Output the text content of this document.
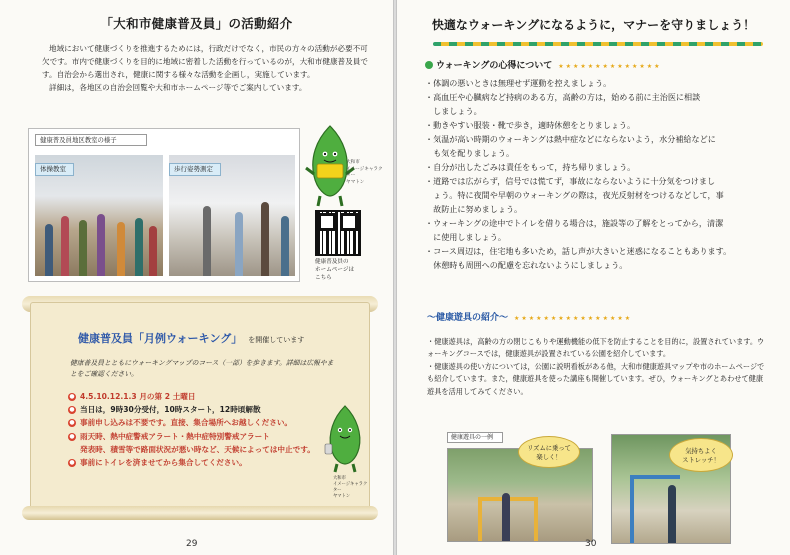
「大和市健康普及員」の活動紹介

地域において健康づくりを推進するためには，行政だけでなく，市民の方々の活動が必要不可欠です。市内で健康づくりを目的に地域に密着した活動を行っているのが，大和市健康普及員です。自治会から選出され，健康に関する様々な活動を企画し，実施しています。

詳細は，各地区の自治会回覧や大和市ホームページ等でご案内しています。

健康普及員地区教室の様子
体操教室	歩行姿勢測定
大和市
イメージキャラクター
ヤマトン
健康普及員の
ホームページは
こちら
健康普及員「月例ウォーキング」 を開催しています
健康普及員とともにウォーキングマップのコース（一部）を歩きます。詳細は広報やまとをご確認ください。
● 4.5.10.12.1.3 月の第 2 土曜日
● 当日は，9時30分受付，10時スタート，12時頃解散
● 事前申し込みは不要です。直接、集合場所へお越しください。
● 雨天時、熱中症警戒アラート・熱中症特別警戒アラート
発表時、積雪等で路面状況が悪い時など、天候によっては中止です。
● 事前にトイレを済ませてから集合してください。
大和市
イメージキャラクター
ヤマトン
29
快適なウォーキングになるように，マナーを守りましょう！
ウォーキングの心得について ★★★★★★★★★★★★★★
・体調の悪いときは無理せず運動を控えましょう。
・高血圧や心臓病など持病のある方，高齢の方は，始める前に主治医に相談
　しましょう。
・動きやすい服装・靴で歩き，適時休憩をとりましょう。
・気温が高い時期のウォーキングは熱中症などにならないよう，水分補給などに
　も気を配りましょう。
・自分が出したごみは責任をもって，持ち帰りましょう。
・道路では広がらず，信号では慌てず，事故にならないように十分気をつけまし
　ょう。特に夜間や早朝のウォーキングの際は，夜光反射材をつけるなどして，事
　故防止に努めましょう。
・ウォーキングの途中でトイレを借りる場合は，施設等の了解をとってから，清潔
　に使用しましょう。
・コース周辺は，住宅地も多いため，話し声が大きいと迷惑になることもあります。
　休憩時も周囲への配慮を忘れないようにしましょう。
～健康遊具の紹介～ ★★★★★★★★★★★★★★★★

・健康遊具は，高齢の方の閉じこもりや運動機能の低下を防止することを目的に，設置されています。ウォーキングコースでは，健康遊具が設置されている公園を紹介しています。

・健康遊具の使い方については，公園に説明看板がある他，大和市健康遊具マップや市のホームページでも紹介しています。また，健康遊具を使った講座も開催しています。ぜひ，ウォーキングとあわせて健康遊具を活用してみてください。

健康遊具の一例
リズムに乗って
楽しく！
気持ちよく
ストレッチ！
30
